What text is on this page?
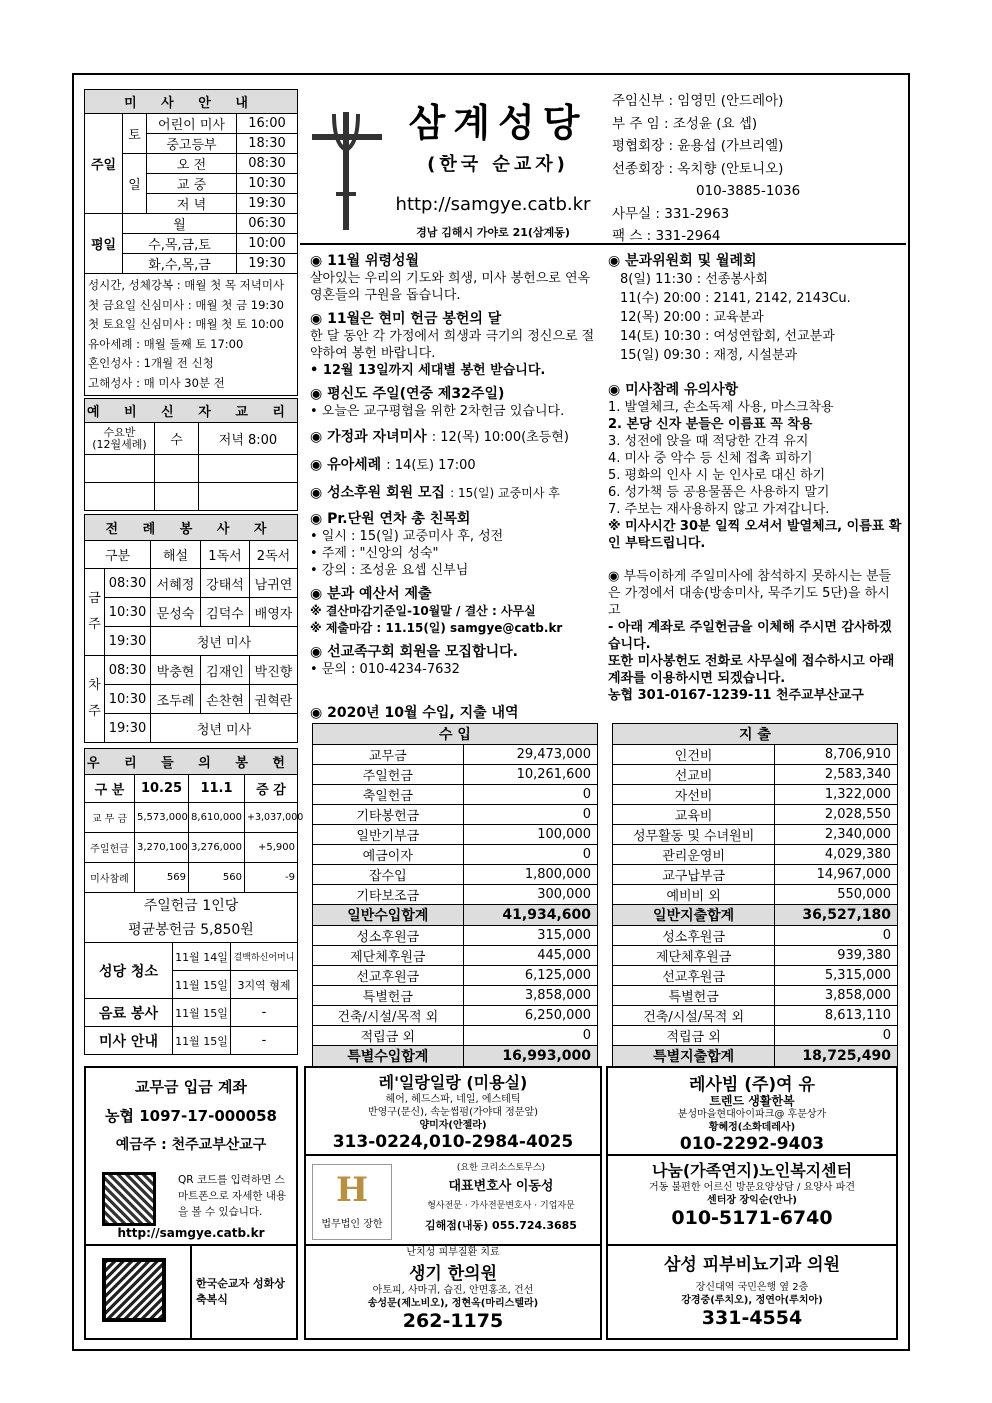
미 사 안 내			
주일	토	어린이 미사	16:00
		중고등부	18:30
	일	오 전	08:30
		교 중	10:30
		저 녁	19:30
평일	월		06:30
	수,목,금,토		10:00
	화,수,목,금		19:30
성시간, 성체강복 : 매월 첫 목 저녁미사
첫 금요일 신심미사 : 매월 첫 금 19:30
첫 토요일 신심미사 : 매월 첫 토 10:00
유아세례 : 매월 둘째 토 17:00
혼인성사 : 1개월 전 신청
고해성사 : 매 미사 30분 전
예 비 신 자 교 리		
수요반
(12월세례)	수	저녁 8:00

전 례 봉 사 자				
구분		해설	1독서	2독서
금주	08:30	서혜정	강태석	남귀연
	10:30	문성숙	김덕수	배영자
	19:30	청년 미사		
차주	08:30	박충현	김재인	박진향
	10:30	조두례	손찬현	권혁란
	19:30	청년 미사		
우 리 들 의 봉 헌			
구 분	10.25	11.1	증 감
교 무 금	5,573,000	8,610,000	+3,037,000
주일헌금	3,270,100	3,276,000	+5,900
미사참례	569	560	-9

주일헌금 1인당
평균봉헌금 5,850원			
성당 청소	11월 14일	걸백하신어머니
	11월 15일	3지역 형제
음료 봉사	11월 15일	-
미사 안내	11월 15일	-
삼계성당
(한국 순교자)
http://samgye.catb.kr
경남 김해시 가야로 21(삼계동)
주임신부 : 임영민 (안드레아)
부 주 임 : 조성윤 (요 셉)
평협회장 : 윤용섭 (가브리엘)
선종회장 : 옥치향 (안토니오)
010-3885-1036
사무실 : 331-2963
팩 스 : 331-2964
◉ 11월 위령성월
살아있는 우리의 기도와 희생, 미사 봉헌으로 연옥 영혼들의 구원을 돕습니다.
◉ 11월은 현미 헌금 봉헌의 달
한 달 동안 각 가정에서 희생과 극기의 정신으로 절약하여 봉헌 바랍니다.
• 12월 13일까지 세대별 봉헌 받습니다.
◉ 평신도 주일(연중 제32주일)
• 오늘은 교구평협을 위한 2차헌금 있습니다.
◉ 가정과 자녀미사 : 12(목) 10:00(초등현)
◉ 유아세례 : 14(토) 17:00
◉ 성소후원 회원 모집 : 15(일) 교중미사 후
◉ Pr.단원 연차 총 친목회
• 일시 : 15(일) 교중미사 후, 성전
• 주제 : "신앙의 성숙"
• 강의 : 조성윤 요셉 신부님
◉ 분과 예산서 제출
※ 결산마감기준일-10월말 / 결산 : 사무실
※ 제출마감 : 11.15(일) samgye@catb.kr
◉ 선교족구회 회원을 모집합니다.
• 문의 : 010-4234-7632
◉ 분과위원회 및 월례회
8(일) 11:30 : 선종봉사회
11(수) 20:00 : 2141, 2142, 2143Cu.
12(목) 20:00 : 교육분과
14(토) 10:30 : 여성연합회, 선교분과
15(일) 09:30 : 재정, 시설분과
◉ 미사참례 유의사항
1. 발열체크, 손소독제 사용, 마스크착용
2. 본당 신자 분들은 이름표 꼭 착용
3. 성전에 앉을 때 적당한 간격 유지
4. 미사 중 악수 등 신체 접촉 피하기
5. 평화의 인사 시 눈 인사로 대신 하기
6. 성가책 등 공용물품은 사용하지 말기
7. 주보는 재사용하지 않고 가져갑니다.
※ 미사시간 30분 일찍 오셔서 발열체크, 이름표 확인 부탁드립니다.
◉ 부득이하게 주일미사에 참석하지 못하시는 분들은 가정에서 대송(방송미사, 묵주기도 5단)을 하시고
- 아래 계좌로 주일헌금을 이체해 주시면 감사하겠습니다.
또한 미사봉헌도 전화로 사무실에 접수하시고 아래 계좌를 이용하시면 되겠습니다.
농협 301-0167-1239-11 천주교부산교구
◉ 2020년 10월 수입, 지출 내역
수 입	
교무금	29,473,000
주일헌금	10,261,600
축일헌금	0
기타봉헌금	0
일반기부금	100,000
예금이자	0
잡수입	1,800,000
기타보조금	300,000
일반수입합계	41,934,600
성소후원금	315,000
제단체후원금	445,000
선교후원금	6,125,000
특별헌금	3,858,000
건축/시설/목적 외	6,250,000
적립금 외	0
특별수입합계	16,993,000
지 출	
인건비	8,706,910
선교비	2,583,340
자선비	1,322,000
교육비	2,028,550
성무활동 및 수녀원비	2,340,000
관리운영비	4,029,380
교구납부금	14,967,000
예비비 외	550,000
일반지출합계	36,527,180
성소후원금	0
제단체후원금	939,380
선교후원금	5,315,000
특별헌금	3,858,000
건축/시설/목적 외	8,613,110
적립금 외	0
특별지출합계	18,725,490
교무금 입금 계좌
농협 1097-17-000058
예금주 : 천주교부산교구
QR 코드를 입력하면 스마트폰으로 자세한 내용을 볼 수 있습니다.
http://samgye.catb.kr
한국순교자 성화상 축복식
레'일랑일랑 (미용실)
헤어, 헤드스파, 네일, 에스테틱
반영구(문신), 속눈썹펌(가야대 정문앞)
양미자(안젤라)
313-0224,010-2984-4025
레사빔 (주)여 유
트렌드 생활한복
분성마을현대아이파크@ 후문상가
황혜정(소화데레사)
010-2292-9403
H
법무법인 장한
(요한 크리소스토무스)
대표변호사 이동성
형사전문 · 가사전문변호사 · 기업자문
김해점(내동) 055.724.3685
나눔(가족연지)노인복지센터
거동 불편한 어르신 방문요양상담 / 요양사 파견
센터장 장익순(안나)
010-5171-6740
난치성 피부질환 치료
생기 한의원
아토피, 사마귀, 습진, 안면홍조, 건선
송성문(제노비오), 정현옥(마리스텔라)
262-1175
삼성 피부비뇨기과 의원
장신대역 국민은행 옆 2층
강경중(루치오), 정연아(루치아)
331-4554
